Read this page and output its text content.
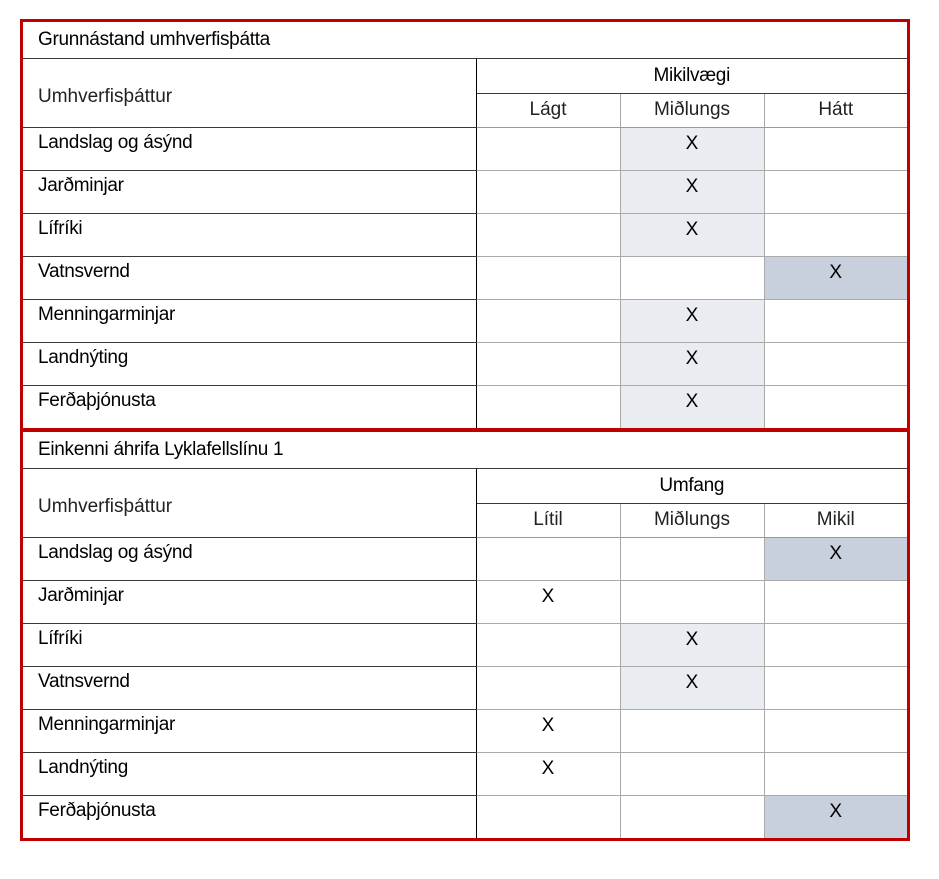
Grunnástand umhverfisþátta			
Umhverfisþáttur	Mikilvægi		
	Lágt	Miðlungs	Hátt
Landslag og ásýnd		X	
Jarðminjar		X	
Lífríki		X	
Vatnsvernd			X
Menningarminjar		X	
Landnýting		X	
Ferðaþjónusta		X	
Einkenni áhrifa Lyklafellslínu 1			
Umhverfisþáttur	Umfang		
	Lítil	Miðlungs	Mikil
Landslag og ásýnd			X
Jarðminjar	X		
Lífríki		X	
Vatnsvernd		X	
Menningarminjar	X		
Landnýting	X		
Ferðaþjónusta			X
